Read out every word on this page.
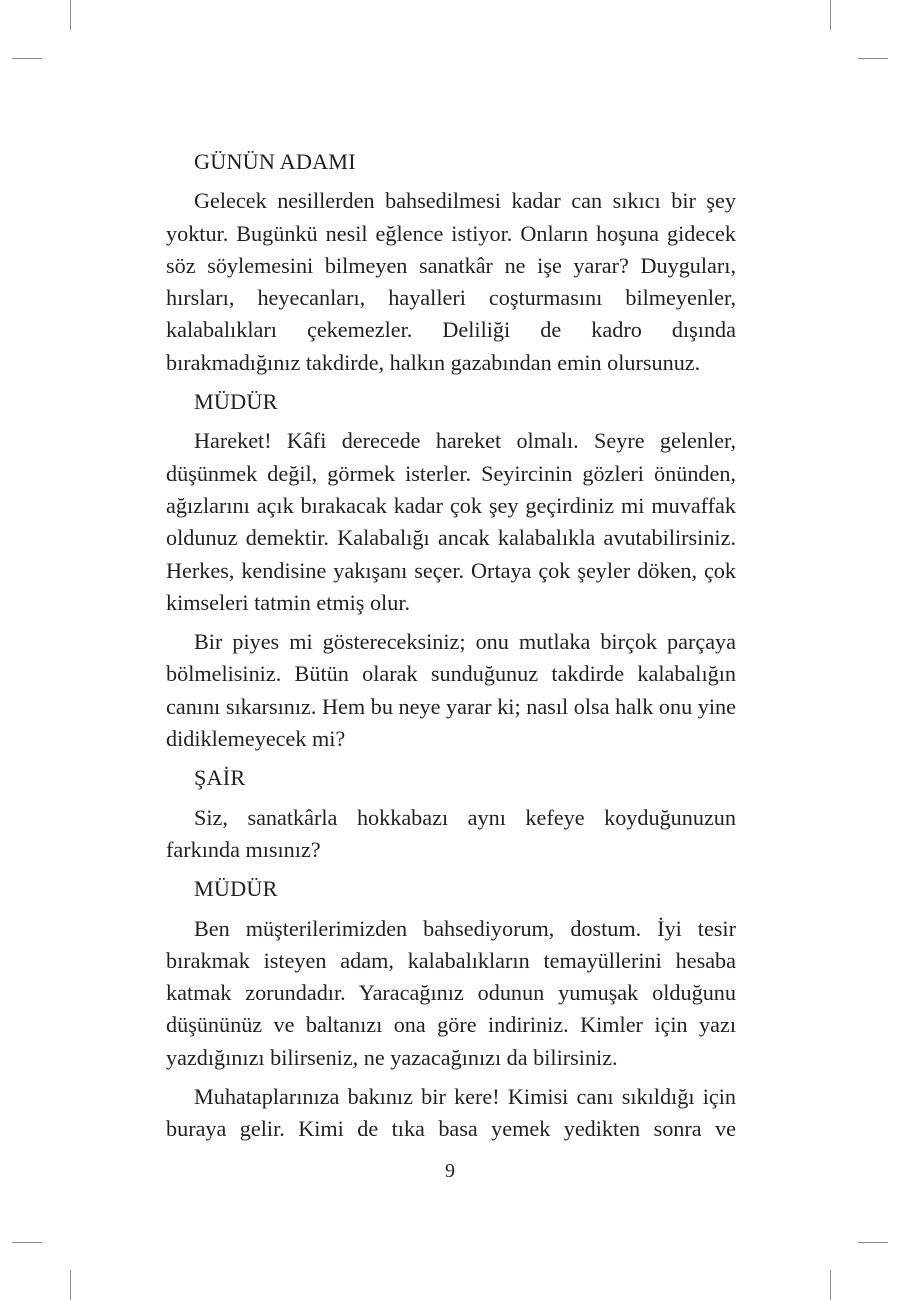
GÜNÜN ADAMI

Gelecek nesillerden bahsedilmesi kadar can sıkıcı bir şey yoktur. Bugünkü nesil eğlence istiyor. Onların hoşuna gidecek söz söylemesini bilmeyen sanatkâr ne işe yarar? Duyguları, hırsları, heyecanları, hayalleri coşturmasını bilmeyenler, kalabalıkları çekemezler. Deliliği de kadro dışında bırakmadığınız takdirde, halkın gazabından emin olursunuz.

MÜDÜR

Hareket! Kâfi derecede hareket olmalı. Seyre gelenler, düşünmek değil, görmek isterler. Seyircinin gözleri önünden, ağızlarını açık bırakacak kadar çok şey geçirdiniz mi muvaffak oldunuz demektir. Kalabalığı ancak kalabalıkla avutabilirsiniz. Herkes, kendisine yakışanı seçer. Ortaya çok şeyler döken, çok kimseleri tatmin etmiş olur.

Bir piyes mi göstereceksiniz; onu mutlaka birçok parçaya bölmelisiniz. Bütün olarak sunduğunuz takdirde kalabalığın canını sıkarsınız. Hem bu neye yarar ki; nasıl olsa halk onu yine didiklemeyecek mi?

ŞAİR

Siz, sanatkârla hokkabazı aynı kefeye koyduğunuzun farkında mısınız?

MÜDÜR

Ben müşterilerimizden bahsediyorum, dostum. İyi tesir bırakmak isteyen adam, kalabalıkların temayüllerini hesaba katmak zorundadır. Yaracağınız odunun yumuşak olduğunu düşününüz ve baltanızı ona göre indiriniz. Kimler için yazı yazdığınızı bilirseniz, ne yazacağınızı da bilirsiniz.

Muhataplarınıza bakınız bir kere! Kimisi canı sıkıldığı için buraya gelir. Kimi de tıka basa yemek yedikten sonra ve

9
